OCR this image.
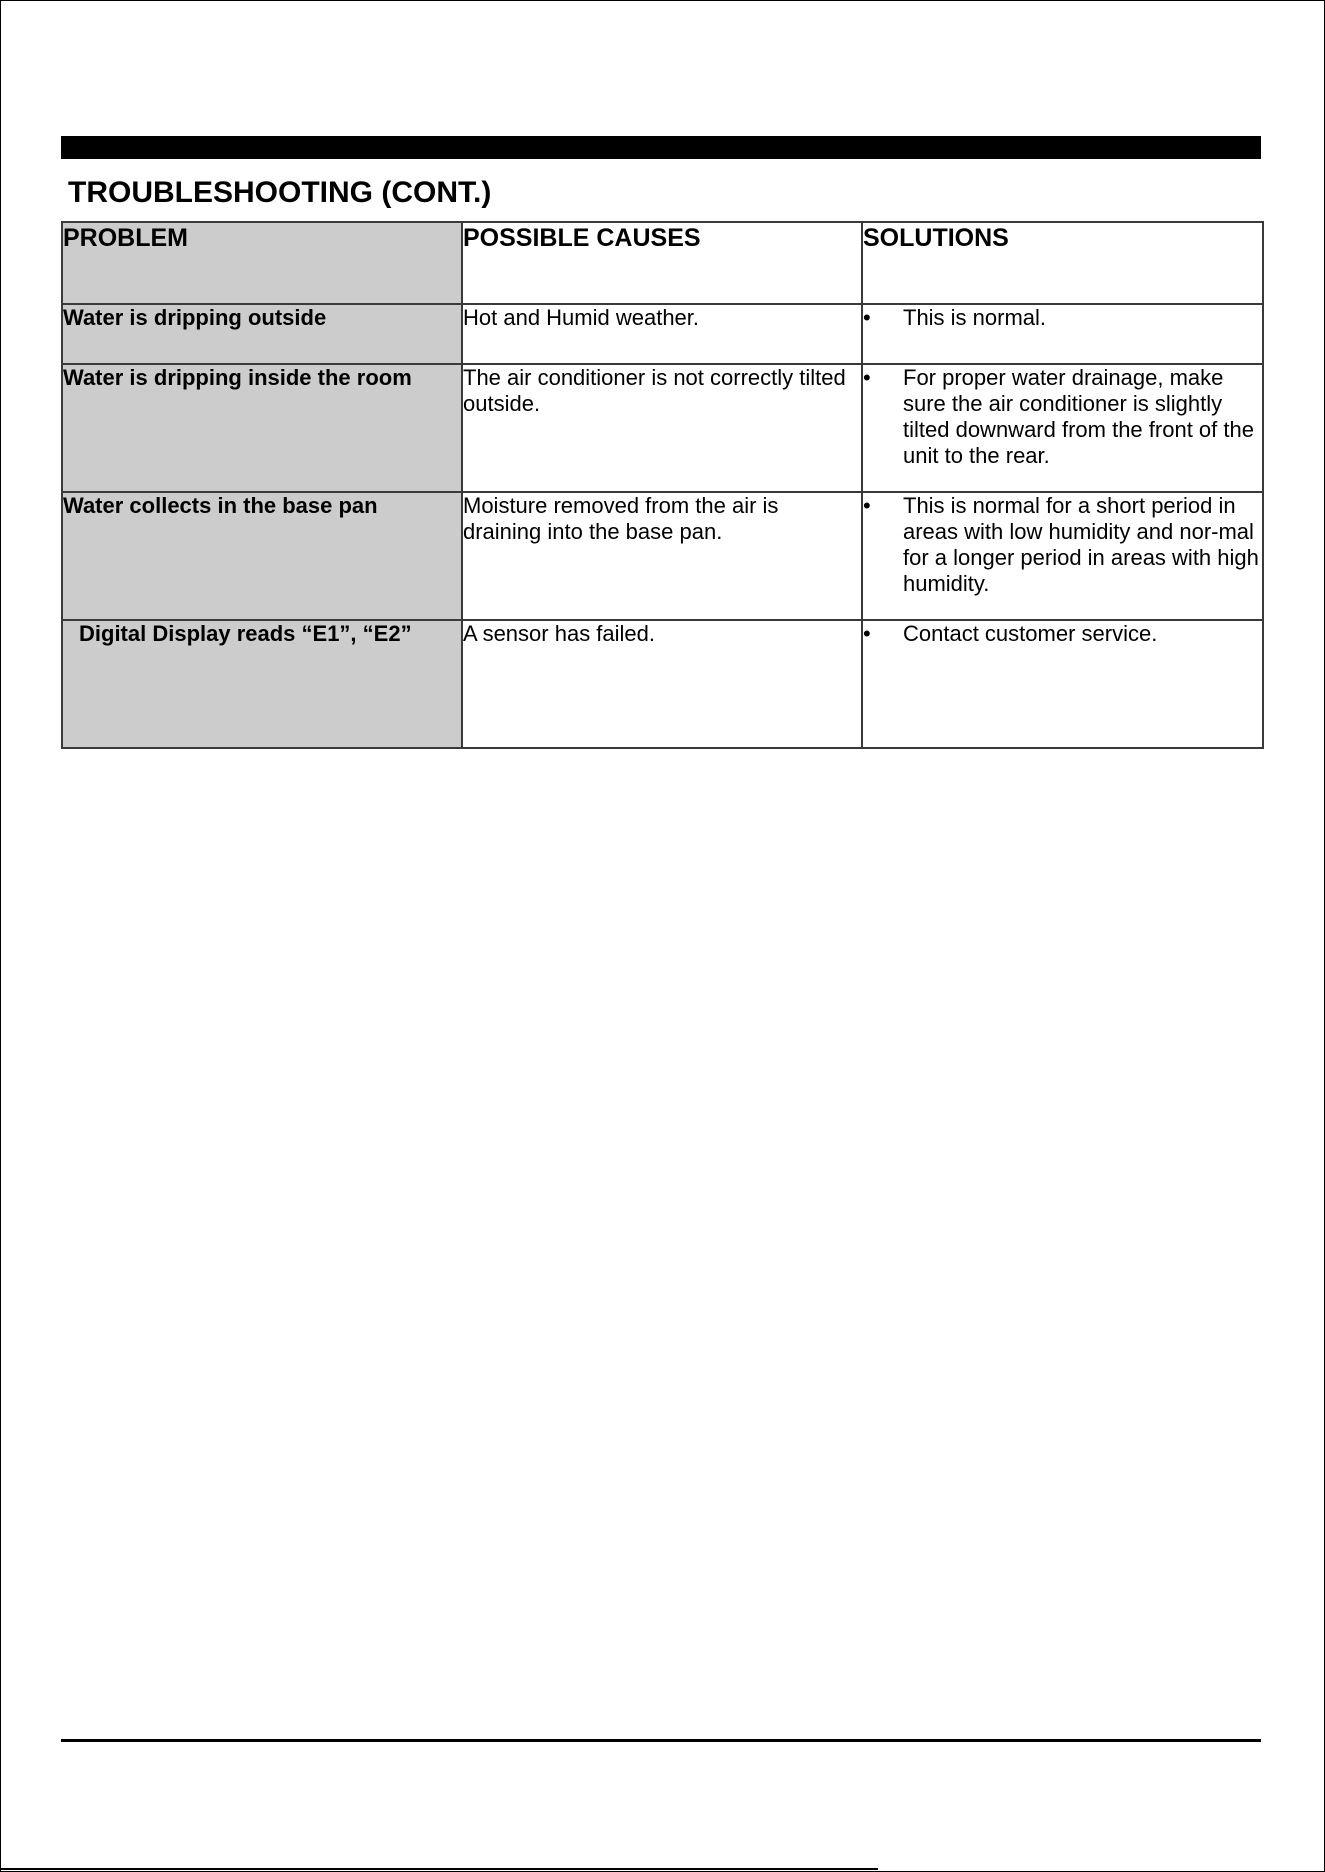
TROUBLESHOOTING (CONT.)
PROBLEM	POSSIBLE CAUSES	SOLUTIONS
Water is dripping outside	Hot and Humid weather.	• This is normal.

Water is dripping inside the room	The air conditioner is not correctly tilted outside.	• For proper water drainage, make sure the air conditioner is slightly tilted downward from the front of the unit to the rear.

Water collects in the base pan	Moisture removed from the air is draining into the base pan.	• This is normal for a short period in areas with low humidity and nor-mal for a longer period in areas with high humidity.

Digital Display reads “E1”, “E2”	A sensor has failed.	• Contact customer service.
